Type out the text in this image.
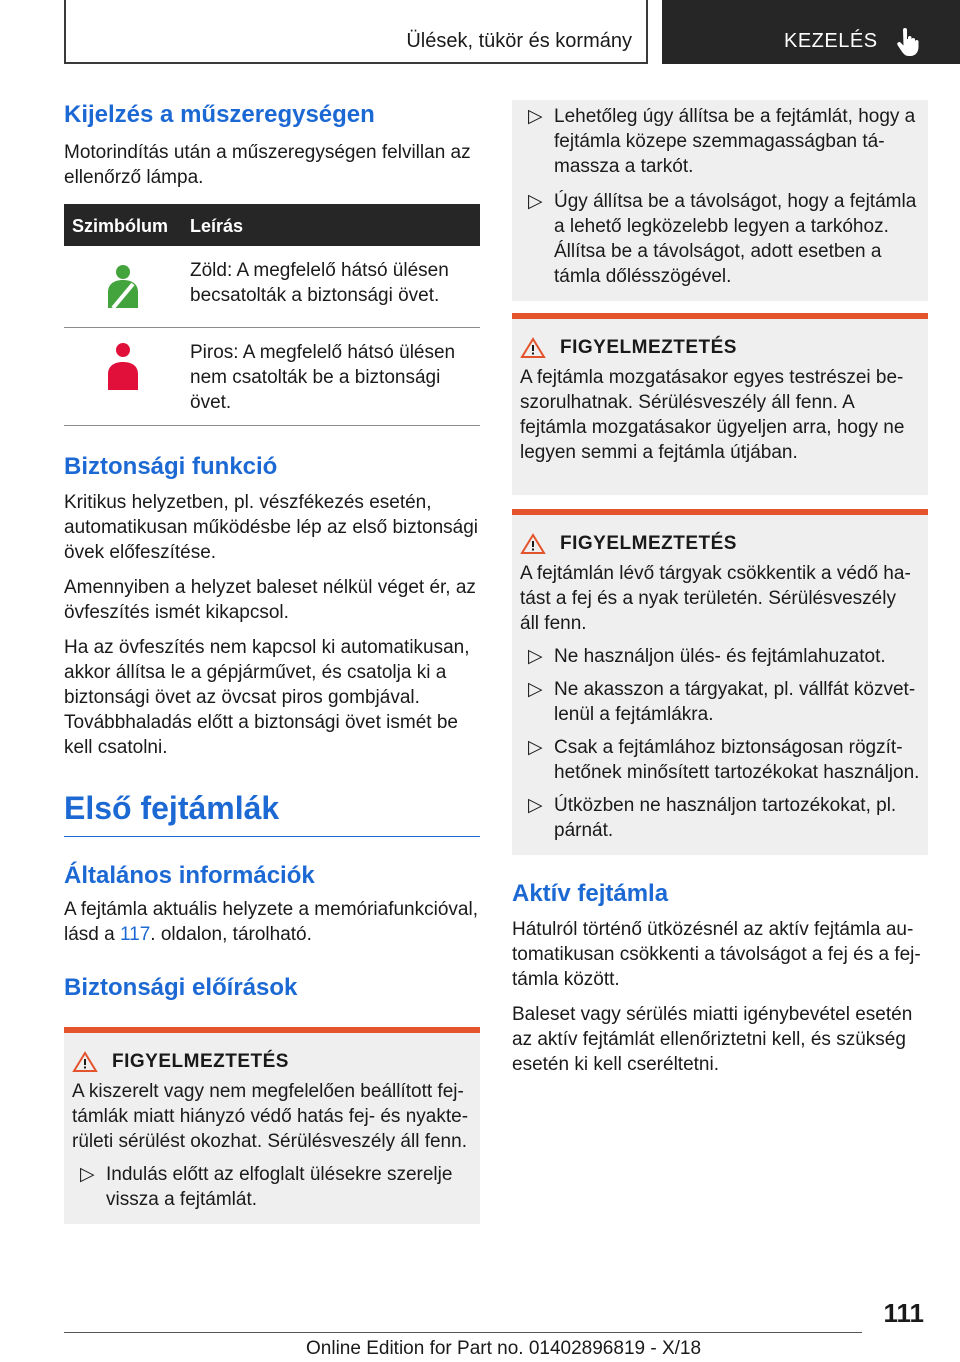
Ülések, tükör és kormány	KEZELÉS
Kijelzés a műszeregységen

Motorindítás után a műszeregységen felvillan az ellenőrző lámpa.

Szimbólum	Leírás
	Zöld: A megfelelő hátsó ülésen becsatolták a biztonsági övet.
	Piros: A megfelelő hátsó ülésen nem csatolták be a biztonsági övet.
Biztonsági funkció

Kritikus helyzetben, pl. vészfékezés esetén, automatikusan működésbe lép az első biztonsági övek előfeszítése.

Amennyiben a helyzet baleset nélkül véget ér, az övfeszítés ismét kikapcsol.

Ha az övfeszítés nem kapcsol ki automatikusan, akkor állítsa le a gépjárművet, és csatolja ki a biztonsági övet az övcsat piros gombjával. Továbbhaladás előtt a biztonsági övet ismét be kell csatolni.

Első fejtámlák
Általános információk

A fejtámla aktuális helyzete a memóriafunkcióval, lásd a 117. oldalon, tárolható.

Biztonsági előírások
FIGYELMEZTETÉS

A kiszerelt vagy nem megfelelően beállított fejtámlák miatt hiányzó védő hatás fej- és nyakterületi sérülést okozhat. Sérülésveszély áll fenn.

▷ Indulás előtt az elfoglalt ülésekre szerelje vissza a fejtámlát.
▷ Lehetőleg úgy állítsa be a fejtámlát, hogy a fejtámla közepe szemmagasságban támassza a tarkót.
▷ Úgy állítsa be a távolságot, hogy a fejtámla a lehető legközelebb legyen a tarkóhoz. Állítsa be a távolságot, adott esetben a támla dőlésszögével.
FIGYELMEZTETÉS

A fejtámla mozgatásakor egyes testrészei beszorulhatnak. Sérülésveszély áll fenn. A fejtámla mozgatásakor ügyeljen arra, hogy ne legyen semmi a fejtámla útjában.

FIGYELMEZTETÉS

A fejtámlán lévő tárgyak csökkentik a védő hatást a fej és a nyak területén. Sérülésveszély áll fenn.

▷ Ne használjon ülés- és fejtámlahuzatot.
▷ Ne akasszon a tárgyakat, pl. vállfát közvetlenül a fejtámlákra.
▷ Csak a fejtámlához biztonságosan rögzíthetőnek minősített tartozékokat használjon.
▷ Útközben ne használjon tartozékokat, pl. párnát.
Aktív fejtámla

Hátulról történő ütközésnél az aktív fejtámla automatikusan csökkenti a távolságot a fej és a fejtámla között.

Baleset vagy sérülés miatti igénybevétel esetén az aktív fejtámlát ellenőriztetni kell, és szükség esetén ki kell cseréltetni.

111
Online Edition for Part no. 01402896819 - X/18
